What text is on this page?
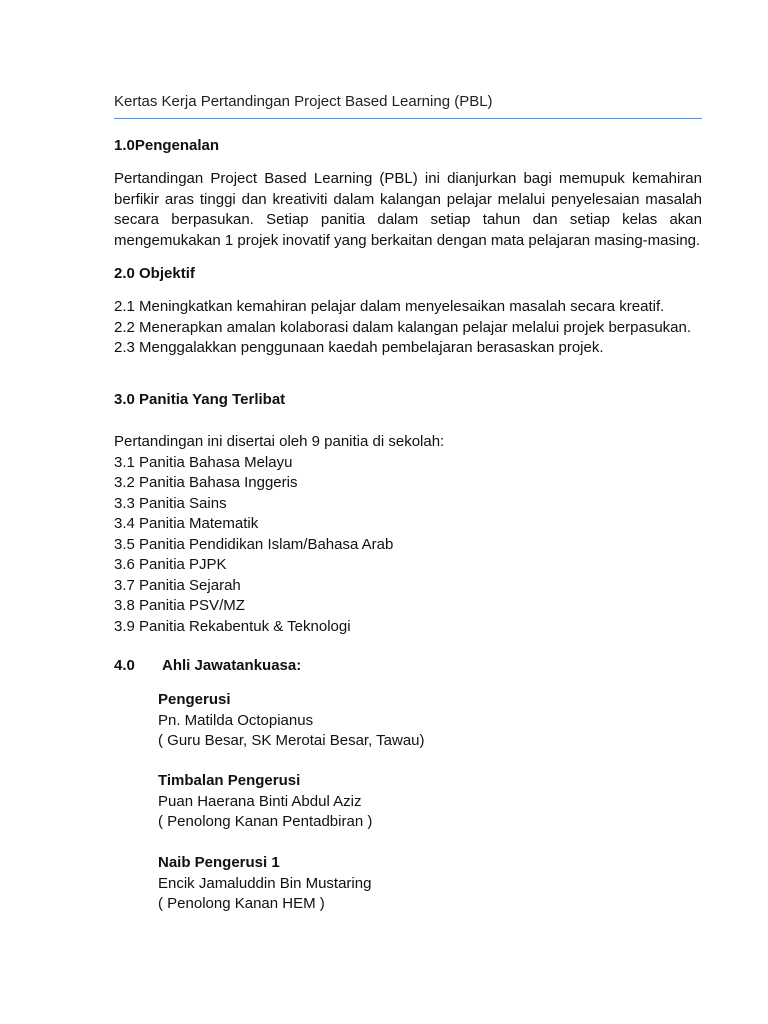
Kertas Kerja Pertandingan Project Based Learning (PBL)
1.0Pengenalan
Pertandingan Project Based Learning (PBL) ini dianjurkan bagi memupuk kemahiran berfikir aras tinggi dan kreativiti dalam kalangan pelajar melalui penyelesaian masalah secara berpasukan. Setiap panitia dalam setiap tahun dan setiap kelas akan mengemukakan 1 projek inovatif yang berkaitan dengan mata pelajaran masing-masing.
2.0 Objektif
2.1 Meningkatkan kemahiran pelajar dalam menyelesaikan masalah secara kreatif.
2.2 Menerapkan amalan kolaborasi dalam kalangan pelajar melalui projek berpasukan.
2.3 Menggalakkan penggunaan kaedah pembelajaran berasaskan projek.
3.0 Panitia Yang Terlibat
Pertandingan ini disertai oleh 9 panitia di sekolah:
3.1 Panitia Bahasa Melayu
3.2 Panitia Bahasa Inggeris
3.3 Panitia Sains
3.4 Panitia Matematik
3.5 Panitia Pendidikan Islam/Bahasa Arab
3.6 Panitia PJPK
3.7 Panitia Sejarah
3.8 Panitia PSV/MZ
3.9 Panitia Rekabentuk & Teknologi
4.0 Ahli Jawatankuasa:
Pengerusi
Pn. Matilda Octopianus
( Guru Besar, SK Merotai Besar, Tawau)
Timbalan Pengerusi
Puan Haerana Binti Abdul Aziz
( Penolong Kanan Pentadbiran )
Naib Pengerusi 1
Encik Jamaluddin Bin Mustaring
( Penolong Kanan HEM )
